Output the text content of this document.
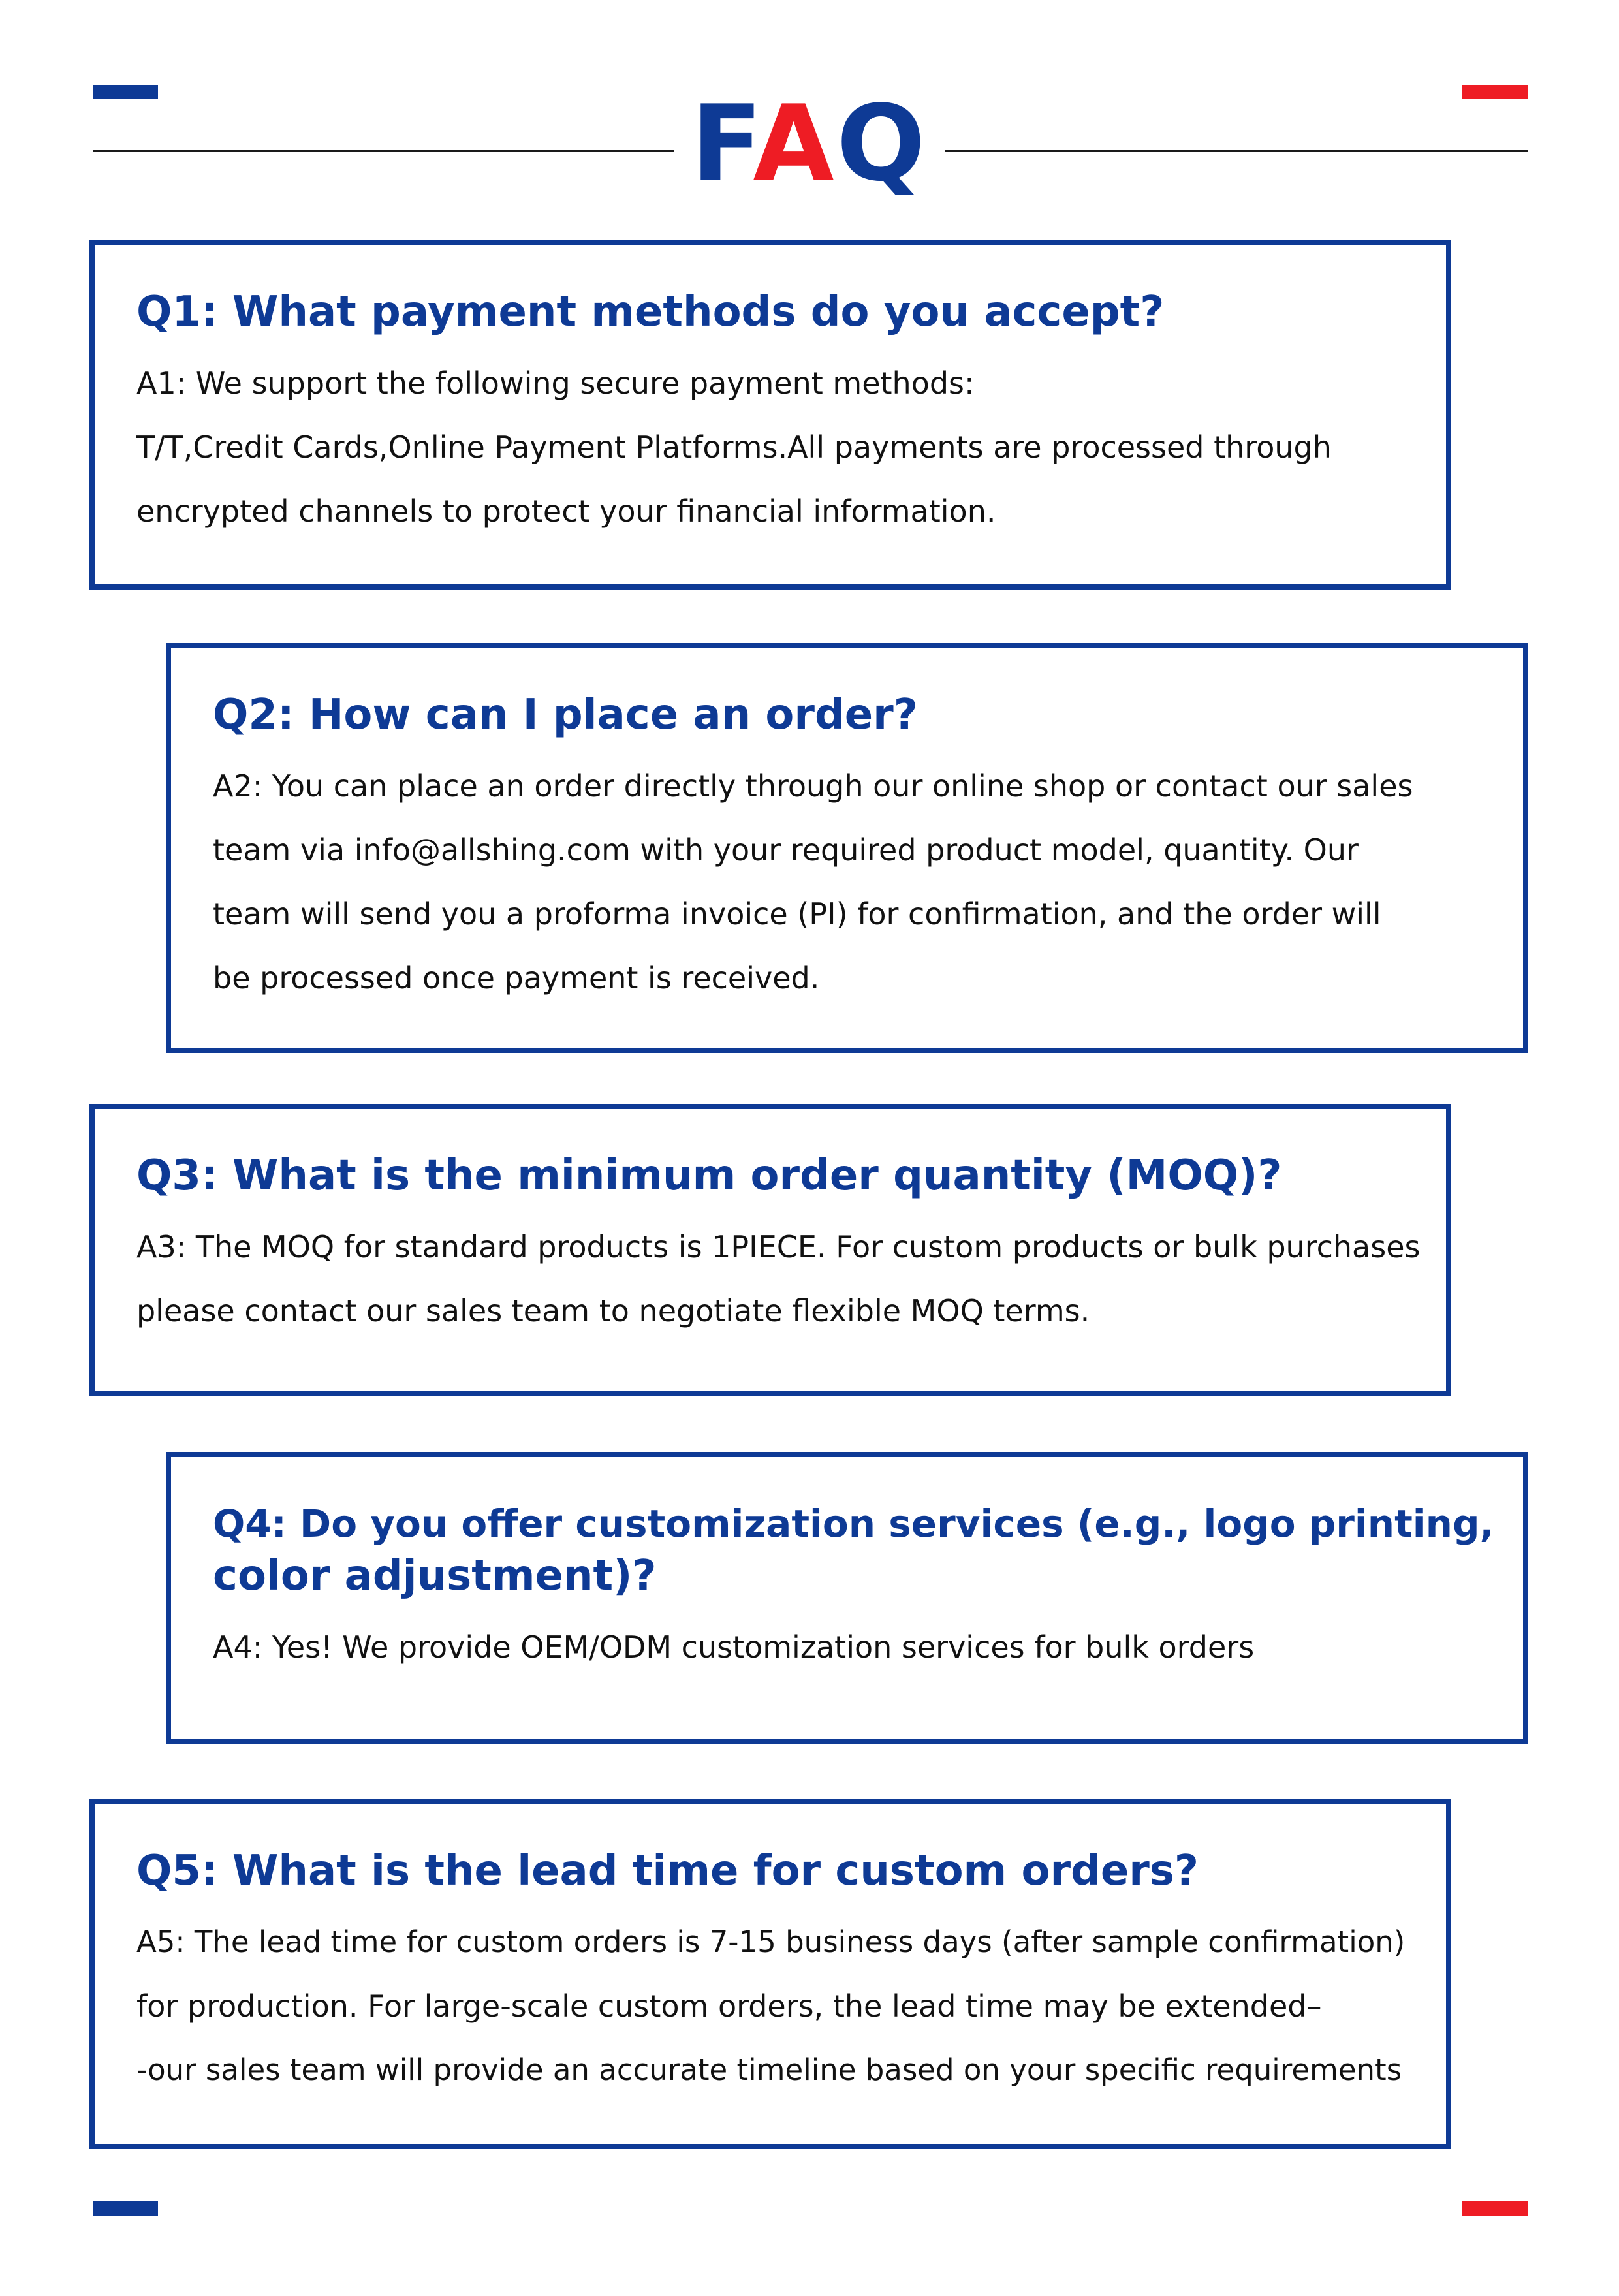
FAQ
Q1: What payment methods do you accept?
A1: We support the following secure payment methods:
T/T,Credit Cards,Online Payment Platforms.All payments are processed through
encrypted channels to protect your financial information.
Q2: How can I place an order?
A2: You can place an order directly through our online shop or contact our sales
team via info@allshing.com with your required product model, quantity. Our
team will send you a proforma invoice (PI) for confirmation, and the order will
be processed once payment is received.
Q3: What is the minimum order quantity (MOQ)?
A3: The MOQ for standard products is 1PIECE. For custom products or bulk purchases
please contact our sales team to negotiate flexible MOQ terms.
Q4: Do you offer customization services (e.g., logo printing,
color adjustment)?
A4: Yes! We provide OEM/ODM customization services for bulk orders
Q5: What is the lead time for custom orders?
A5: The lead time for custom orders is 7-15 business days (after sample confirmation)
for production. For large-scale custom orders, the lead time may be extended–
-our sales team will provide an accurate timeline based on your specific requirements
